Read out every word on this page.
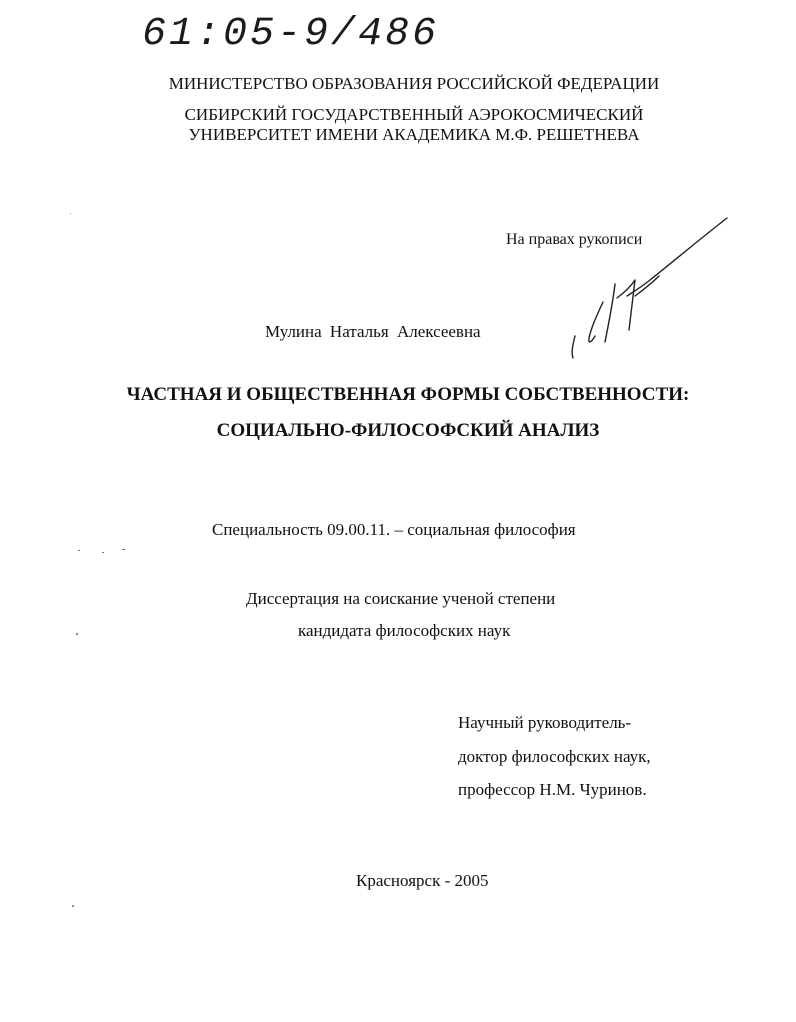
61:05-9/486
МИНИСТЕРСТВО ОБРАЗОВАНИЯ РОССИЙСКОЙ ФЕДЕРАЦИИ
СИБИРСКИЙ ГОСУДАРСТВЕННЫЙ АЭРОКОСМИЧЕСКИЙ
УНИВЕРСИТЕТ ИМЕНИ АКАДЕМИКА М.Ф. РЕШЕТНЕВА
На правах рукописи
Мулина Наталья Алексеевна
ЧАСТНАЯ И ОБЩЕСТВЕННАЯ ФОРМЫ СОБСТВЕННОСТИ:
СОЦИАЛЬНО-ФИЛОСОФСКИЙ АНАЛИЗ
Специальность 09.00.11. – социальная философия
Диссертация на соискание ученой степени
кандидата философских наук
Научный руководитель-
доктор философских наук,
профессор Н.М. Чуринов.
Красноярск - 2005
